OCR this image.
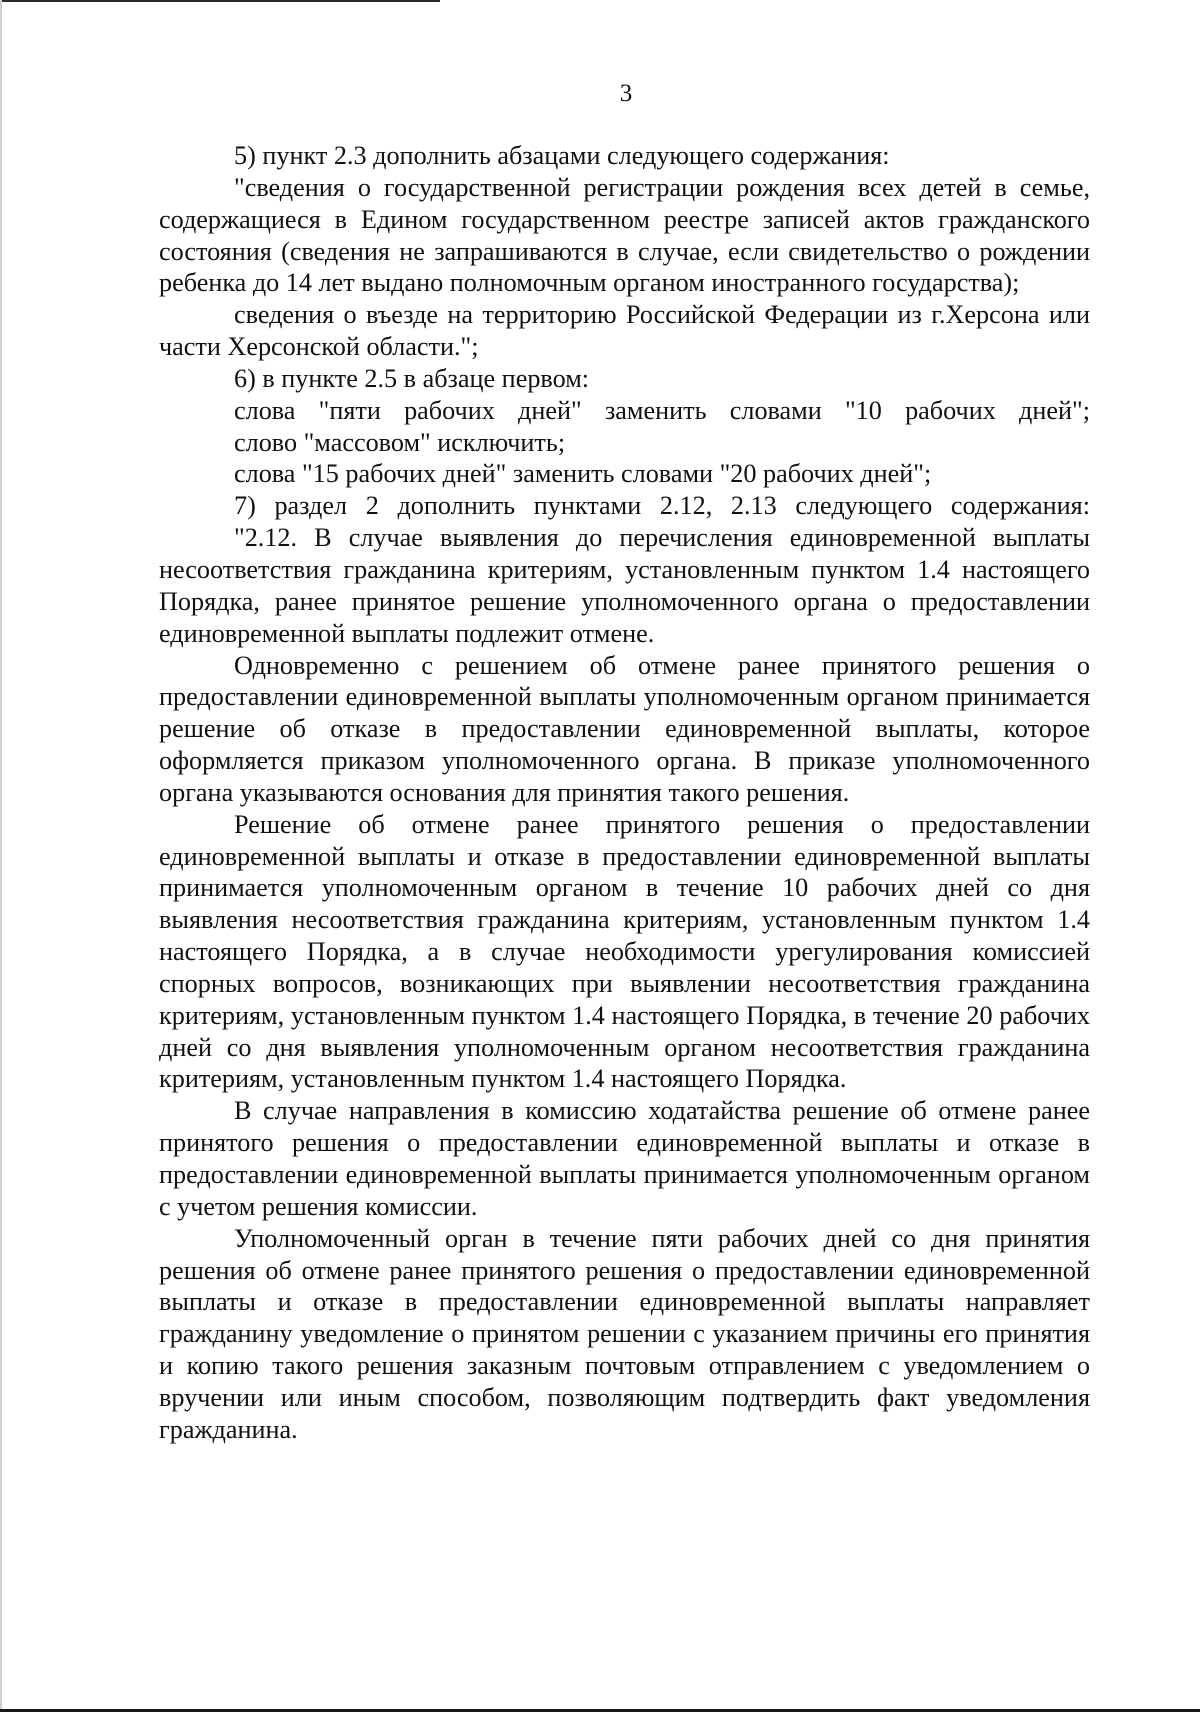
3

5) пункт 2.3 дополнить абзацами следующего содержания:

"сведения о государственной регистрации рождения всех детей в семье, содержащиеся в Едином государственном реестре записей актов гражданского состояния (сведения не запрашиваются в случае, если свидетельство о рождении ребенка до 14 лет выдано полномочным органом иностранного государства);

сведения о въезде на территорию Российской Федерации из г.Херсона или части Херсонской области.";

6) в пункте 2.5 в абзаце первом:

слова "пяти рабочих дней" заменить словами "10 рабочих дней";

слово "массовом" исключить;

слова "15 рабочих дней" заменить словами "20 рабочих дней";

7) раздел 2 дополнить пунктами 2.12, 2.13 следующего содержания:

"2.12. В случае выявления до перечисления единовременной выплаты несоответствия гражданина критериям, установленным пунктом 1.4 настоящего Порядка, ранее принятое решение уполномоченного органа о предоставлении единовременной выплаты подлежит отмене.

Одновременно с решением об отмене ранее принятого решения о предоставлении единовременной выплаты уполномоченным органом принимается решение об отказе в предоставлении единовременной выплаты, которое оформляется приказом уполномоченного органа. В приказе уполномоченного органа указываются основания для принятия такого решения.

Решение об отмене ранее принятого решения о предоставлении единовременной выплаты и отказе в предоставлении единовременной выплаты принимается уполномоченным органом в течение 10 рабочих дней со дня выявления несоответствия гражданина критериям, установленным пунктом 1.4 настоящего Порядка, а в случае необходимости урегулирования комиссией спорных вопросов, возникающих при выявлении несоответствия гражданина критериям, установленным пунктом 1.4 настоящего Порядка, в течение 20 рабочих дней со дня выявления уполномоченным органом несоответствия гражданина критериям, установленным пунктом 1.4 настоящего Порядка.

В случае направления в комиссию ходатайства решение об отмене ранее принятого решения о предоставлении единовременной выплаты и отказе в предоставлении единовременной выплаты принимается уполномоченным органом с учетом решения комиссии.

Уполномоченный орган в течение пяти рабочих дней со дня принятия решения об отмене ранее принятого решения о предоставлении единовременной выплаты и отказе в предоставлении единовременной выплаты направляет гражданину уведомление о принятом решении с указанием причины его принятия и копию такого решения заказным почтовым отправлением с уведомлением о вручении или иным способом, позволяющим подтвердить факт уведомления гражданина.
